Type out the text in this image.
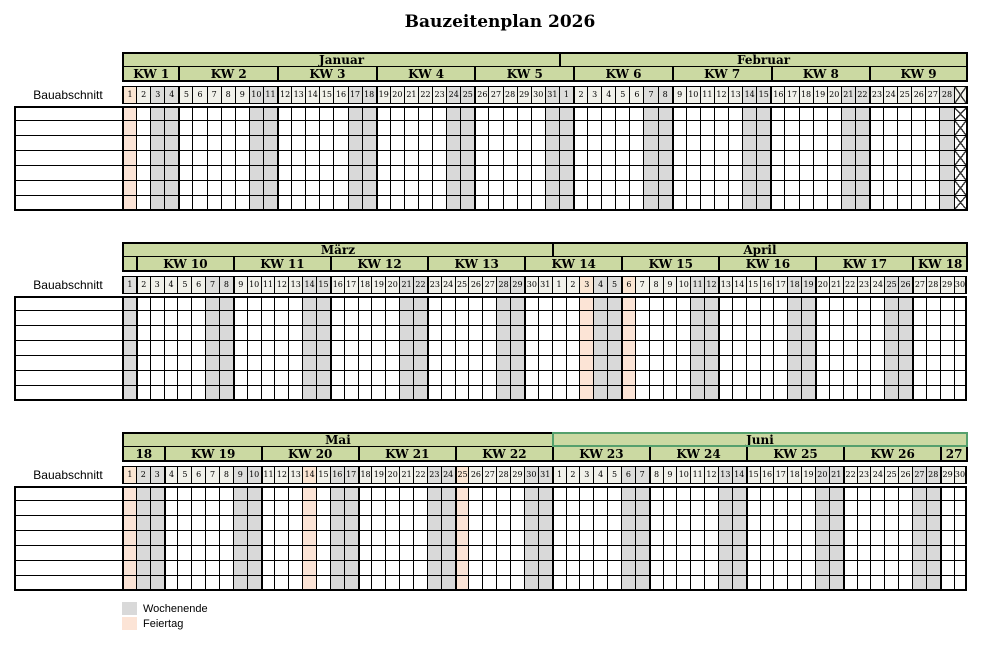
Bauzeitenplan 2026
Januar	Februar
KW 1	KW 2	KW 3	KW 4	KW 5	KW 6	KW 7	KW 8	KW 9
Bauabschnitt	1	2	3	4	5	6	7	8	9 10 11 12 13 14 15 16 17 18 19 20 21 22 23 24 25 26 27 28 29 30 31 1	2	3	4	5	6	7	8	9 10 11 12 13 14 15 16 17 18 19 20 21 22 23 24 25 26 27 28
März	April
KW 10	KW 11	KW 12	KW 13	KW 14	KW 15	KW 16	KW 17	KW 18
Bauabschnitt	1	2	3	4	5	6	7	8	9 10 11 12 13 14 15 16 17 18 19 20 21 22 23 24 25 26 27 28 29 30 31 1	2	3	4	5	6	7	8	9 10 11 12 13 14 15 16 17 18 19 20 21 22 23 24 25 26 27 28 29 30
Mai	Juni
18	KW 19	KW 20	KW 21	KW 22	KW 23	KW 24	KW 25	KW 26	27
Bauabschnitt	1	2	3	4	5	6	7	8	9 10 11 12 13 14 15 16 17 18 19 20 21 22 23 24 25 26 27 28 29 30 31 1	2	3	4	5	6	7	8	9 10 11 12 13 14 15 16 17 18 19 20 21 22 23 24 25 26 27 28 29 30
Wochenende
Feiertag
